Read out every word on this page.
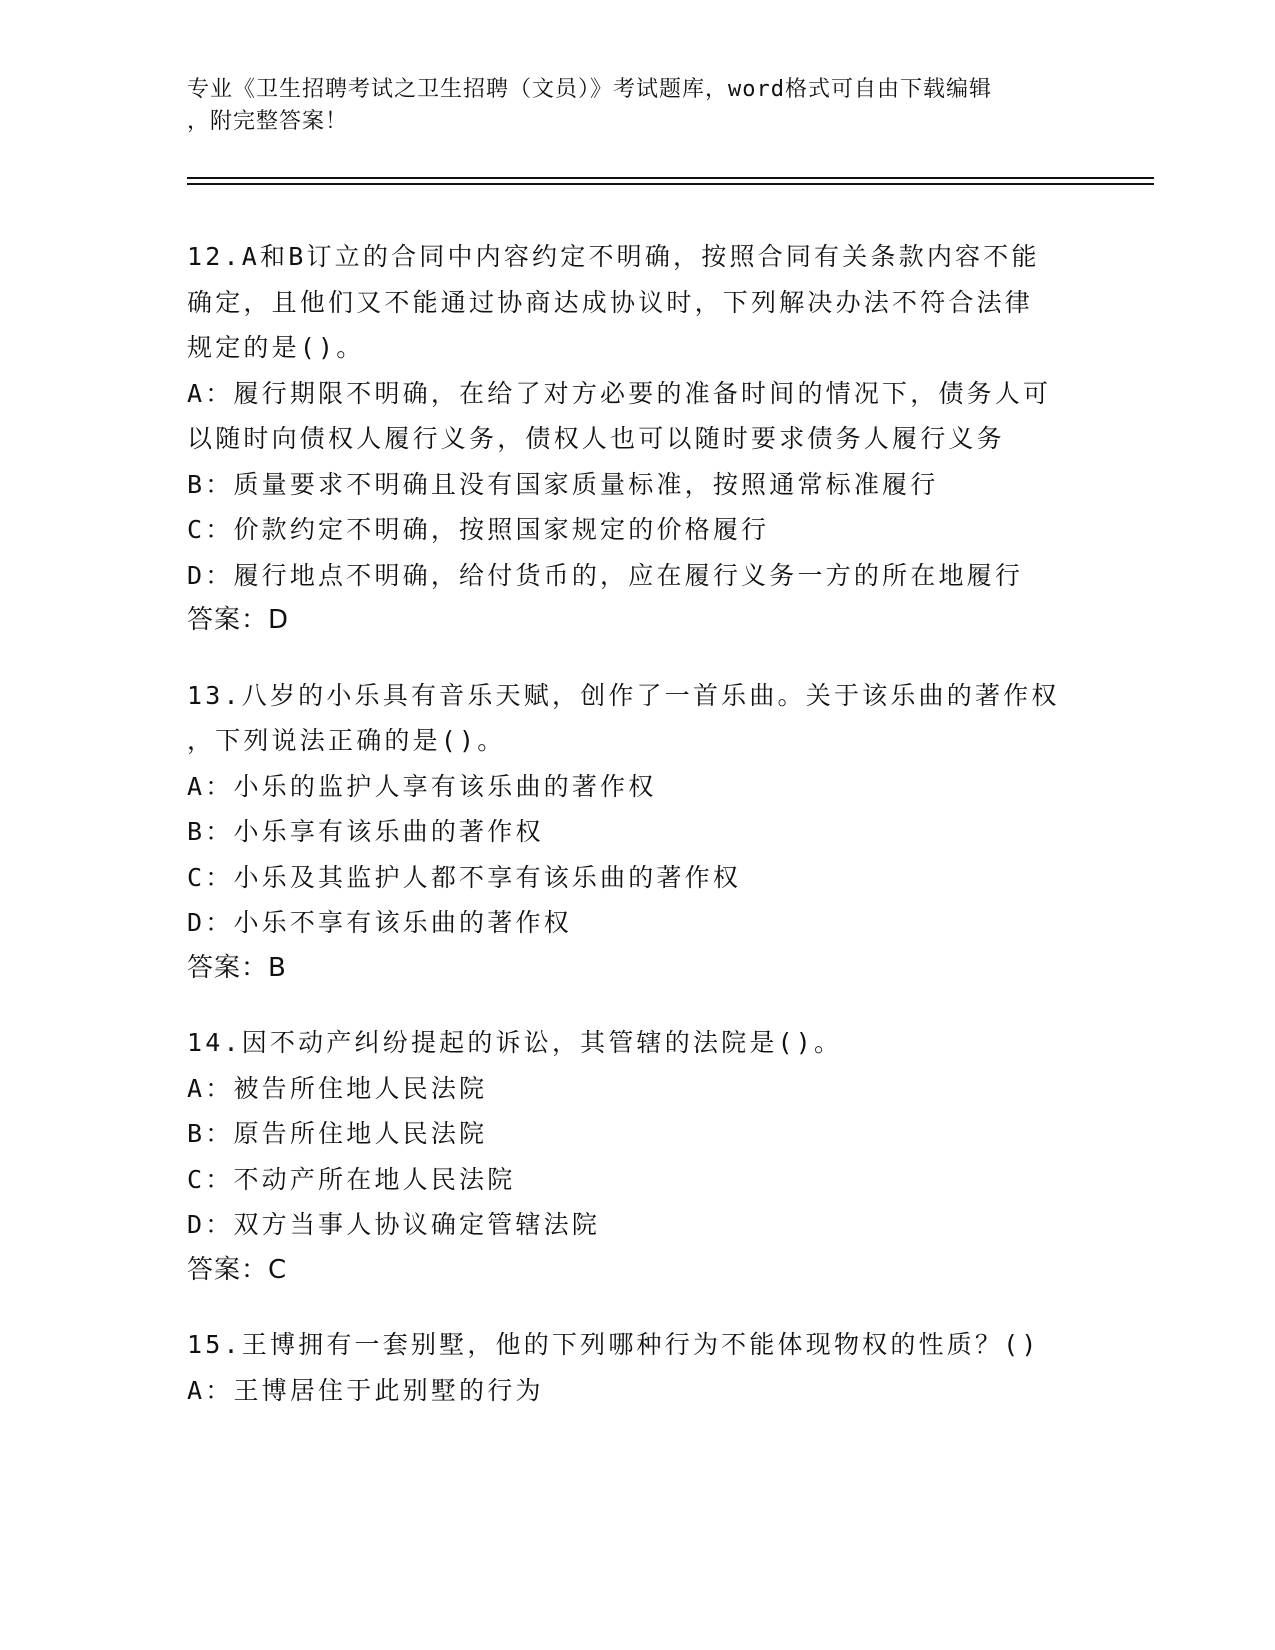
专业《卫生招聘考试之卫生招聘（文员）》考试题库，word格式可自由下载编辑
，附完整答案！
12.A和B订立的合同中内容约定不明确，按照合同有关条款内容不能
确定，且他们又不能通过协商达成协议时，下列解决办法不符合法律
规定的是()。
A：履行期限不明确，在给了对方必要的准备时间的情况下，债务人可
以随时向债权人履行义务，债权人也可以随时要求债务人履行义务
B：质量要求不明确且没有国家质量标准，按照通常标准履行
C：价款约定不明确，按照国家规定的价格履行
D：履行地点不明确，给付货币的，应在履行义务一方的所在地履行
答案：D
13.八岁的小乐具有音乐天赋，创作了一首乐曲。关于该乐曲的著作权
，下列说法正确的是()。
A：小乐的监护人享有该乐曲的著作权
B：小乐享有该乐曲的著作权
C：小乐及其监护人都不享有该乐曲的著作权
D：小乐不享有该乐曲的著作权
答案：B
14.因不动产纠纷提起的诉讼，其管辖的法院是()。
A：被告所住地人民法院
B：原告所住地人民法院
C：不动产所在地人民法院
D：双方当事人协议确定管辖法院
答案：C
15.王博拥有一套别墅，他的下列哪种行为不能体现物权的性质？()
A：王博居住于此别墅的行为
